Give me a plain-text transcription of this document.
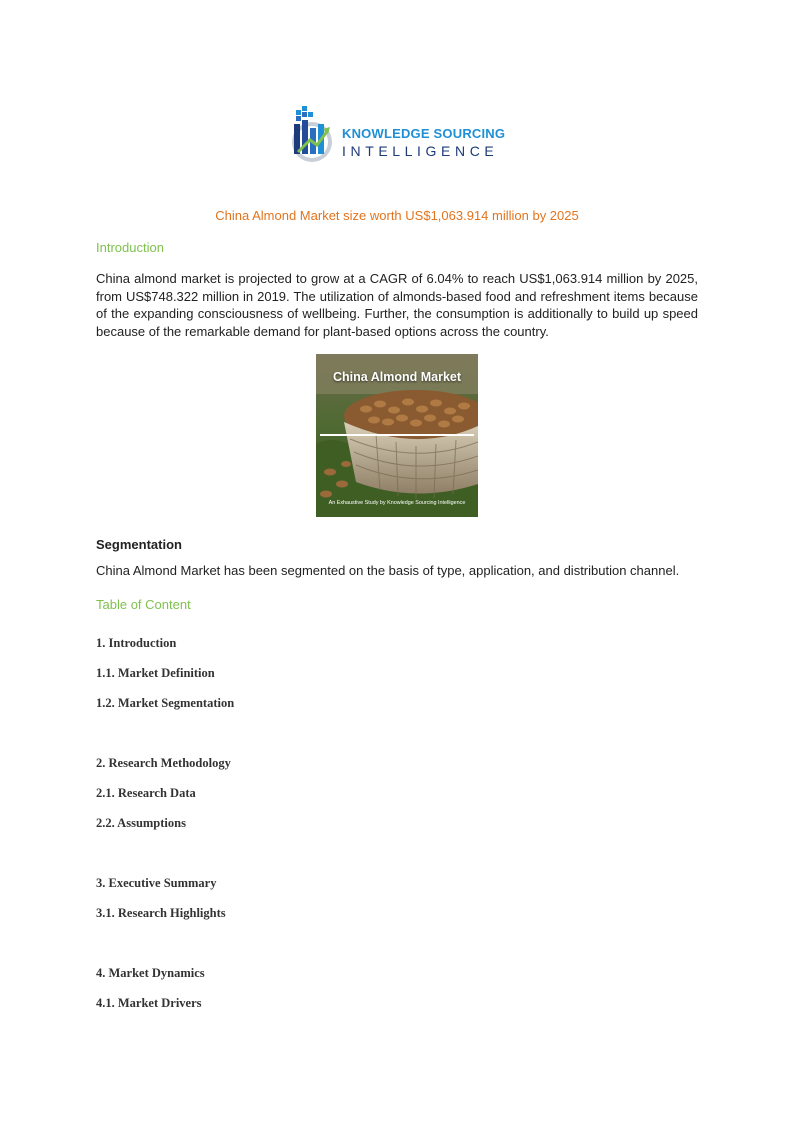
KNOWLEDGE SOURCING
INTELLIGENCE
China Almond Market size worth US$1,063.914 million by 2025
Introduction

China almond market is projected to grow at a CAGR of 6.04% to reach US$1,063.914 million by 2025, from US$748.322 million in 2019. The utilization of almonds-based food and refreshment items because of the expanding consciousness of wellbeing. Further, the consumption is additionally to build up speed because of the remarkable demand for plant-based options across the country.

China Almond Market
An Exhaustive Study by Knowledge Sourcing Intelligence
Segmentation

China Almond Market has been segmented on the basis of type, application, and distribution channel.

Table of Content
1. Introduction
1.1. Market Definition
1.2. Market Segmentation
2. Research Methodology
2.1. Research Data
2.2. Assumptions
3. Executive Summary
3.1. Research Highlights
4. Market Dynamics
4.1. Market Drivers
